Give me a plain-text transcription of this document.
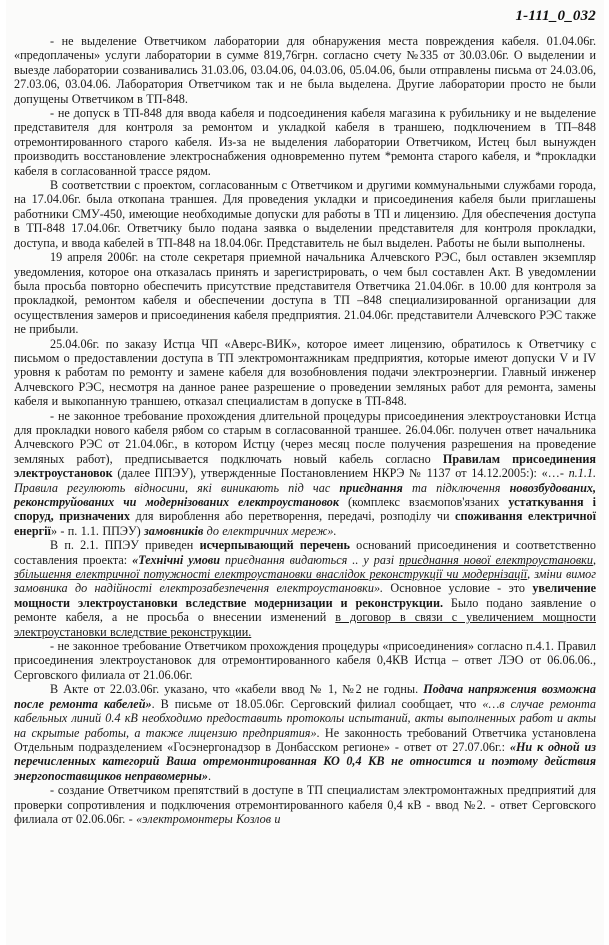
1-111_0_032

- не выделение Ответчиком лаборатории для обнаружения места повреждения кабеля. 01.04.06г. «предоплачены» услуги лаборатории в сумме 819,76грн. согласно счету №335 от 30.03.06г. О выделении и выезде лаборатории созванивались 31.03.06, 03.04.06, 04.03.06, 05.04.06, были отправлены письма от 24.03.06, 27.03.06, 03.04.06. Лаборатория Ответчиком так и не была выделена. Другие лаборатории просто не были допущены Ответчиком в ТП-848.

- не допуск в ТП-848 для ввода кабеля и подсоединения кабеля магазина к рубильнику и не выделение представителя для контроля за ремонтом и укладкой кабеля в траншею, подключением в ТП–848 отремонтированного старого кабеля. Из-за не выделения лаборатории Ответчиком, Истец был вынужден производить восстановление электроснабжения одновременно путем *ремонта старого кабеля, и *прокладки кабеля в согласованной трассе рядом.

В соответствии с проектом, согласованным с Ответчиком и другими коммунальными службами города, на 17.04.06г. была откопана траншея. Для проведения укладки и присоединения кабеля были приглашены работники СМУ-450, имеющие необходимые допуски для работы в ТП и лицензию. Для обеспечения доступа в ТП-848 17.04.06г. Ответчику было подана заявка о выделении представителя для контроля прокладки, доступа, и ввода кабелей в ТП-848 на 18.04.06г. Представитель не был выделен. Работы не были выполнены.

19 апреля 2006г. на столе секретаря приемной начальника Алчевского РЭС, был оставлен экземпляр уведомления, которое она отказалась принять и зарегистрировать, о чем был составлен Акт. В уведомлении была просьба повторно обеспечить присутствие представителя Ответчика 21.04.06г. в 10.00 для контроля за прокладкой, ремонтом кабеля и обеспечении доступа в ТП –848 специализированной организации для осуществления замеров и присоединения кабеля предприятия. 21.04.06г. представители Алчевского РЭС также не прибыли.

25.04.06г. по заказу Истца ЧП «Аверс-ВИК», которое имеет лицензию, обратилось к Ответчику с письмом о предоставлении доступа в ТП электромонтажникам предприятия, которые имеют допуски V и IV уровня к работам по ремонту и замене кабеля для возобновления подачи электроэнергии. Главный инженер Алчевского РЭС, несмотря на данное ранее разрешение о проведении земляных работ для ремонта, замены кабеля и выкопанную траншею, отказал специалистам в допуске в ТП-848.

- не законное требование прохождения длительной процедуры присоединения электроустановки Истца для прокладки нового кабеля рябом со старым в согласованной траншее. 26.04.06г. получен ответ начальника Алчевского РЭС от 21.04.06г., в котором Истцу (через месяц после получения разрешения на проведение земляных работ), предписывается подключать новый кабель согласно Правилам присоединения электроустановок (далее ППЭУ), утвержденные Постановлением НКРЭ № 1137 от 14.12.2005:): «…- п.1.1. Правила регулюють відносини, які виникають під час приєднання та підключення новозбудованих, реконструйованих чи модернізованих електроустановок (комплекс взаємопов'язаних устаткування і споруд, призначених для вироблення або перетворення, передачі, розподілу чи споживання електричної енергії» - п. 1.1. ППЭУ) замовників до електричних мереж».

В п. 2.1. ППЭУ приведен исчерпывающий перечень оснований присоединения и соответственно составления проекта: «Технічні умови приєднання видаються .. у разі приєднання нової електроустановки, збільшення електричної потужності електроустановки внаслідок реконструкції чи модернізації, зміни вимог замовника до надійності електрозабезпечення електроустановки». Основное условие - это увеличение мощности электроустановки вследствие модернизации и реконструкции. Было подано заявление о ремонте кабеля, а не просьба о внесении изменений в договор в связи с увеличением мощности электроустановки вследствие реконструкции.

- не законное требование Ответчиком прохождения процедуры «присоединения» согласно п.4.1. Правил присоединения электроустановок для отремонтированного кабеля 0,4КВ Истца – ответ ЛЭО от 06.06.06., Серговского филиала от 21.06.06г.

В Акте от 22.03.06г. указано, что «кабели ввод № 1, №2 не годны. Подача напряжения возможна после ремонта кабелей». В письме от 18.05.06г. Серговский филиал сообщает, что «…в случае ремонта кабельных линий 0.4 кВ необходимо предоставить протоколы испытаний, акты выполненных работ и акты на скрытые работы, а также лицензию предприятия». Не законность требований Ответчика установлена Отдельным подразделением «Госэнергонадзор в Донбасском регионе» - ответ от 27.07.06г.: «Ни к одной из перечисленных категорий Ваша отремонтированная КО 0,4 КВ не относится и поэтому действия энергопоставщиков неправомерны».

- создание Ответчиком препятствий в доступе в ТП специалистам электромонтажных предприятий для проверки сопротивления и подключения отремонтированного кабеля 0,4 кВ - ввод №2. - ответ Серговского филиала от 02.06.06г. - «электромонтеры Козлов и
